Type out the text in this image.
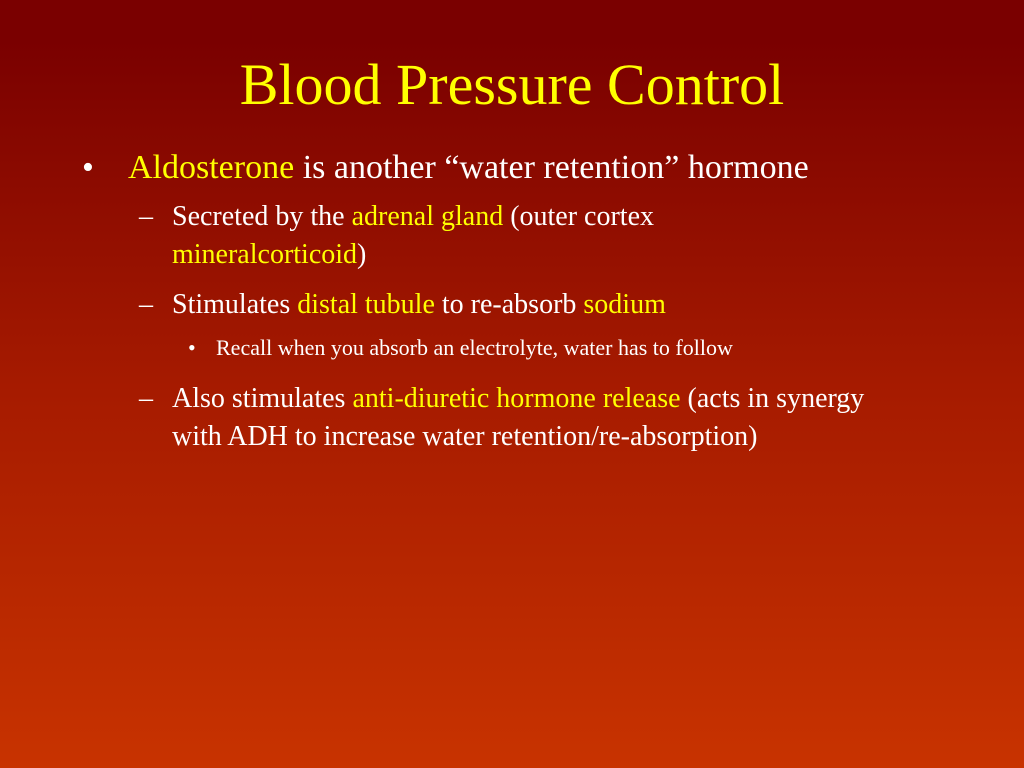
Blood Pressure Control
•	Aldosterone is another “water retention” hormone
– Secreted by the adrenal gland (outer cortex mineralcorticoid)
– Stimulates distal tubule to re-absorb sodium
• Recall when you absorb an electrolyte, water has to follow
– Also stimulates anti-diuretic hormone release (acts in synergy with ADH to increase water retention/re-absorption)
